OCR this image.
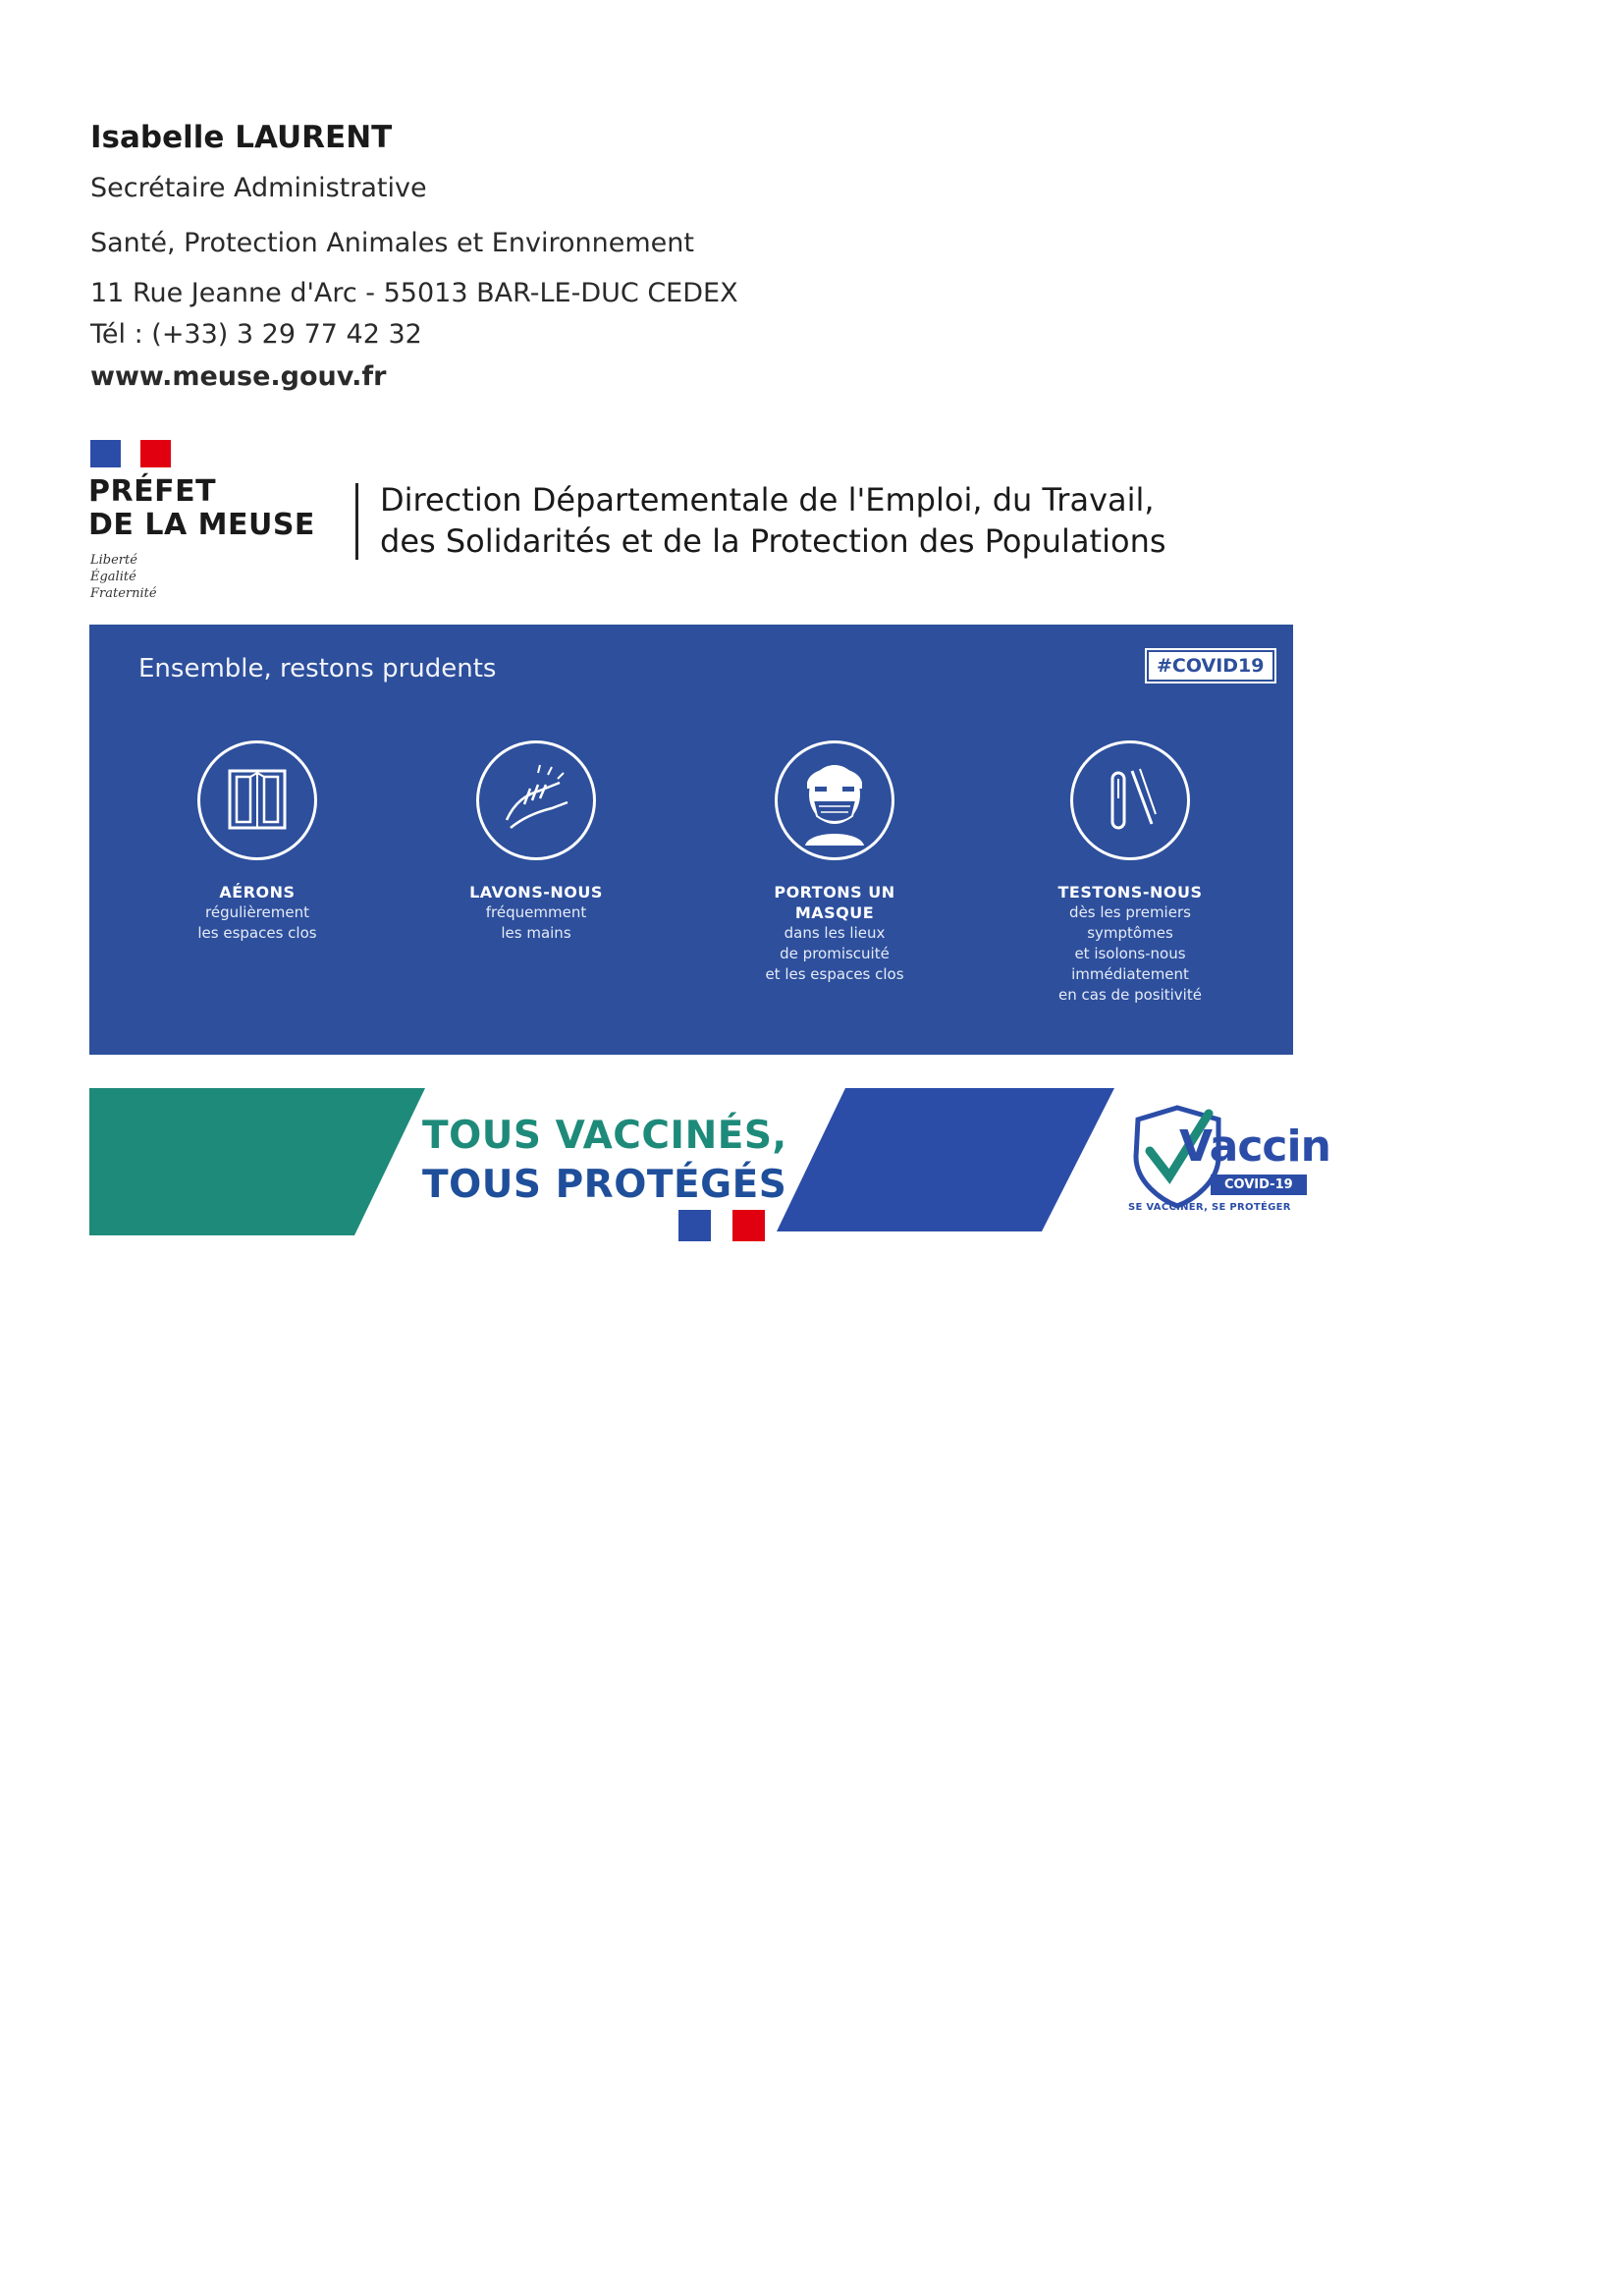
Isabelle LAURENT
Secrétaire Administrative
Santé, Protection Animales et Environnement
11 Rue Jeanne d'Arc - 55013 BAR-LE-DUC CEDEX
Tél : (+33) 3 29 77 42 32
www.meuse.gouv.fr
PRÉFET
DE LA MEUSE
Liberté
Égalité
Fraternité
Direction Départementale de l'Emploi, du Travail,
des Solidarités et de la Protection des Populations
Ensemble, restons prudents	#COVID19
AÉRONS
régulièrement
les espaces clos
LAVONS-NOUS
fréquemment
les mains
PORTONS UN
MASQUE
dans les lieux
de promiscuité
et les espaces clos
TESTONS-NOUS
dès les premiers
symptômes
et isolons-nous
immédiatement
en cas de positivité
TOUS VACCINÉS,
TOUS PROTÉGÉS
Vaccin
COVID-19
SE VACCINER, SE PROTÉGER
